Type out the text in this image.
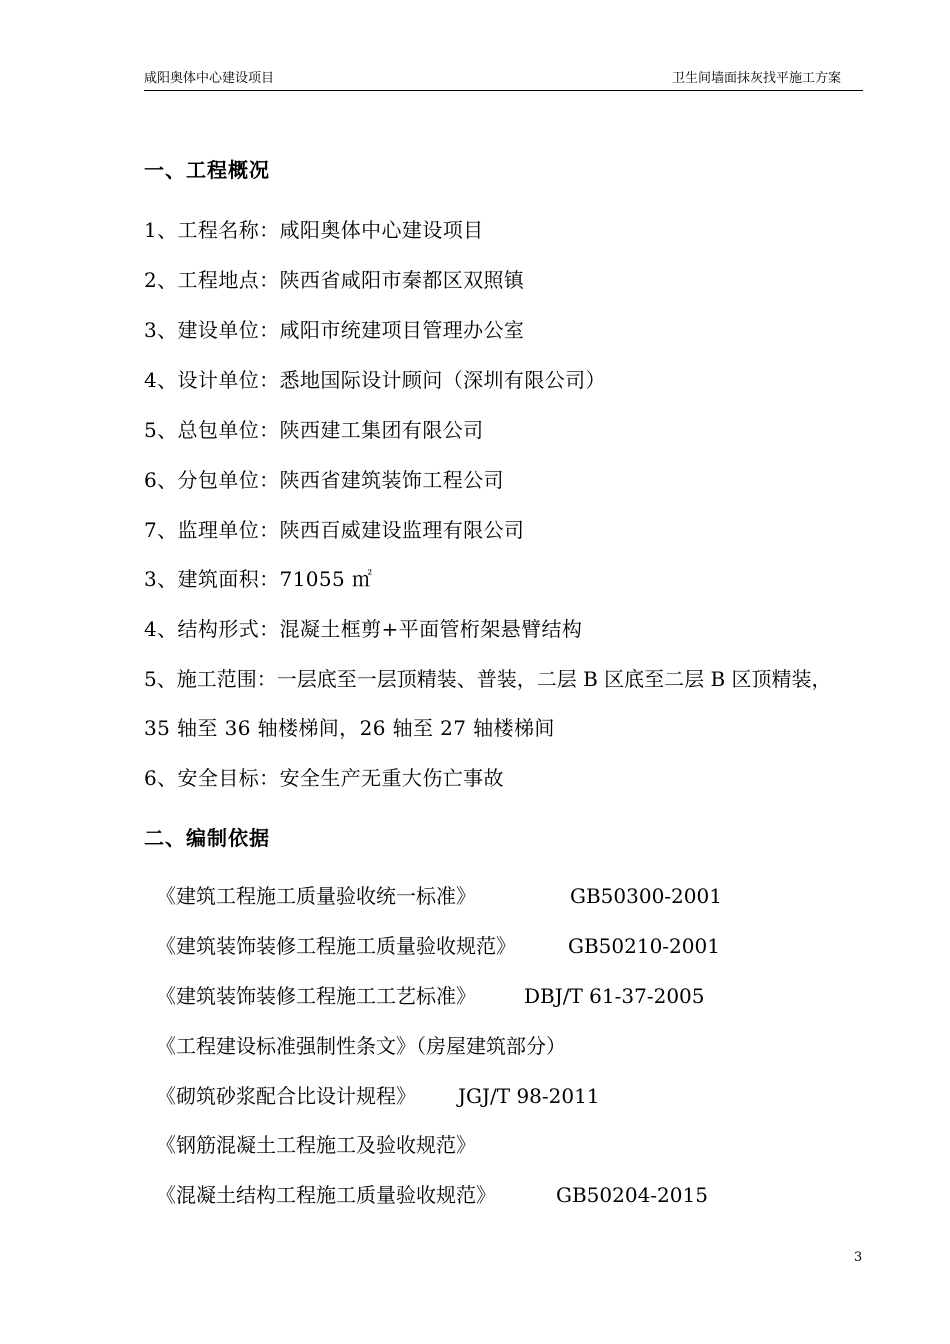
咸阳奥体中心建设项目	卫生间墙面抹灰找平施工方案
一、工程概况
1、工程名称：咸阳奥体中心建设项目
2、工程地点：陕西省咸阳市秦都区双照镇
3、建设单位：咸阳市统建项目管理办公室
4、设计单位：悉地国际设计顾问（深圳有限公司）
5、总包单位：陕西建工集团有限公司
6、分包单位：陕西省建筑装饰工程公司
7、监理单位：陕西百威建设监理有限公司
3、建筑面积：71055 ㎡
4、结构形式：混凝土框剪+平面管桁架悬臂结构
5、施工范围：一层底至一层顶精装、普装，二层 B 区底至二层 B 区顶精装，
35 轴至 36 轴楼梯间，26 轴至 27 轴楼梯间
6、安全目标：安全生产无重大伤亡事故
二、编制依据
《建筑工程施工质量验收统一标准》	GB50300-2001
《建筑装饰装修工程施工质量验收规范》	GB50210-2001
《建筑装饰装修工程施工工艺标准》 DBJ/T 61-37-2005
《工程建设标准强制性条文》（房屋建筑部分）
《砌筑砂浆配合比设计规程》 JGJ/T 98-2011
《钢筋混凝土工程施工及验收规范》
《混凝土结构工程施工质量验收规范》	GB50204-2015
3
